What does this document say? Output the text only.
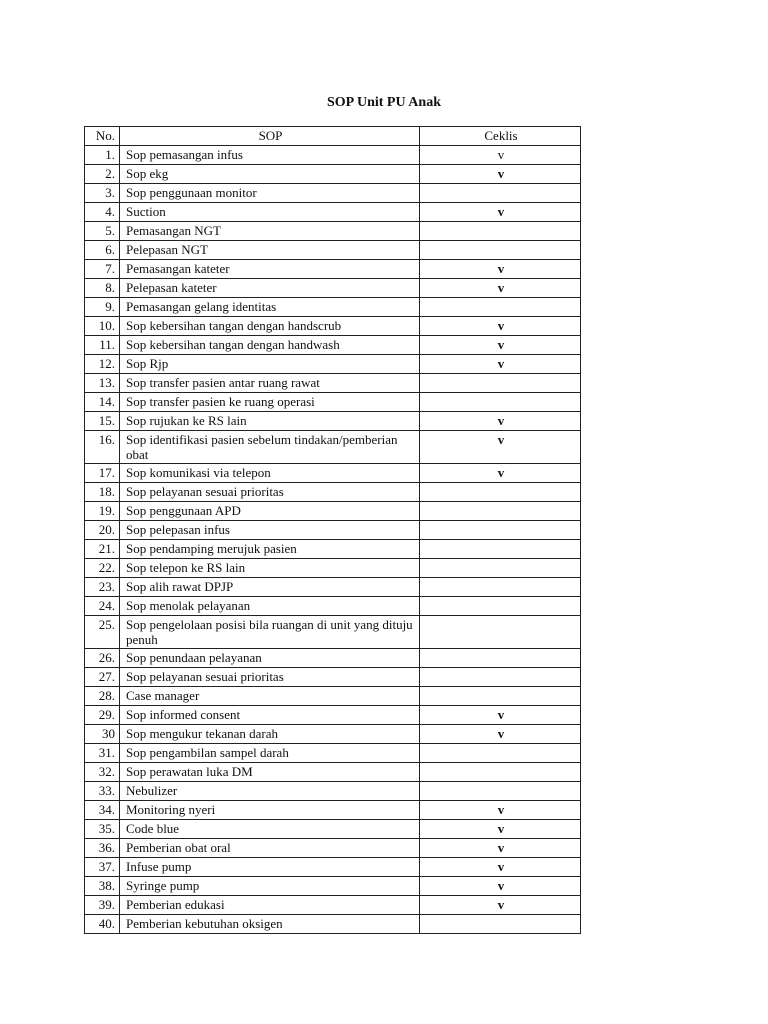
SOP Unit PU Anak
No.	SOP	Ceklis
1.	Sop pemasangan infus	v
2.	Sop ekg	v
3.	Sop penggunaan monitor	
4.	Suction	v
5.	Pemasangan NGT	
6.	Pelepasan NGT	
7.	Pemasangan kateter	v
8.	Pelepasan kateter	v
9.	Pemasangan gelang identitas	
10.	Sop kebersihan tangan dengan handscrub	v
11.	Sop kebersihan tangan dengan handwash	v
12.	Sop Rjp	v
13.	Sop transfer pasien antar ruang rawat	
14.	Sop transfer pasien ke ruang operasi	
15.	Sop rujukan ke RS lain	v
16.	Sop identifikasi pasien sebelum tindakan/pemberian obat	v
17.	Sop komunikasi via telepon	v
18.	Sop pelayanan sesuai prioritas	
19.	Sop penggunaan APD	
20.	Sop pelepasan infus	
21.	Sop pendamping merujuk pasien	
22.	Sop telepon ke RS lain	
23.	Sop alih rawat DPJP	
24.	Sop menolak pelayanan	
25.	Sop pengelolaan posisi bila ruangan di unit yang dituju penuh	
26.	Sop penundaan pelayanan	
27.	Sop pelayanan sesuai prioritas	
28.	Case manager	
29.	Sop informed consent	v
30	Sop mengukur tekanan darah	v
31.	Sop pengambilan sampel darah	
32.	Sop perawatan luka DM	
33.	Nebulizer	
34.	Monitoring nyeri	v
35.	Code blue	v
36.	Pemberian obat oral	v
37.	Infuse pump	v
38.	Syringe pump	v
39.	Pemberian edukasi	v
40.	Pemberian kebutuhan oksigen	
